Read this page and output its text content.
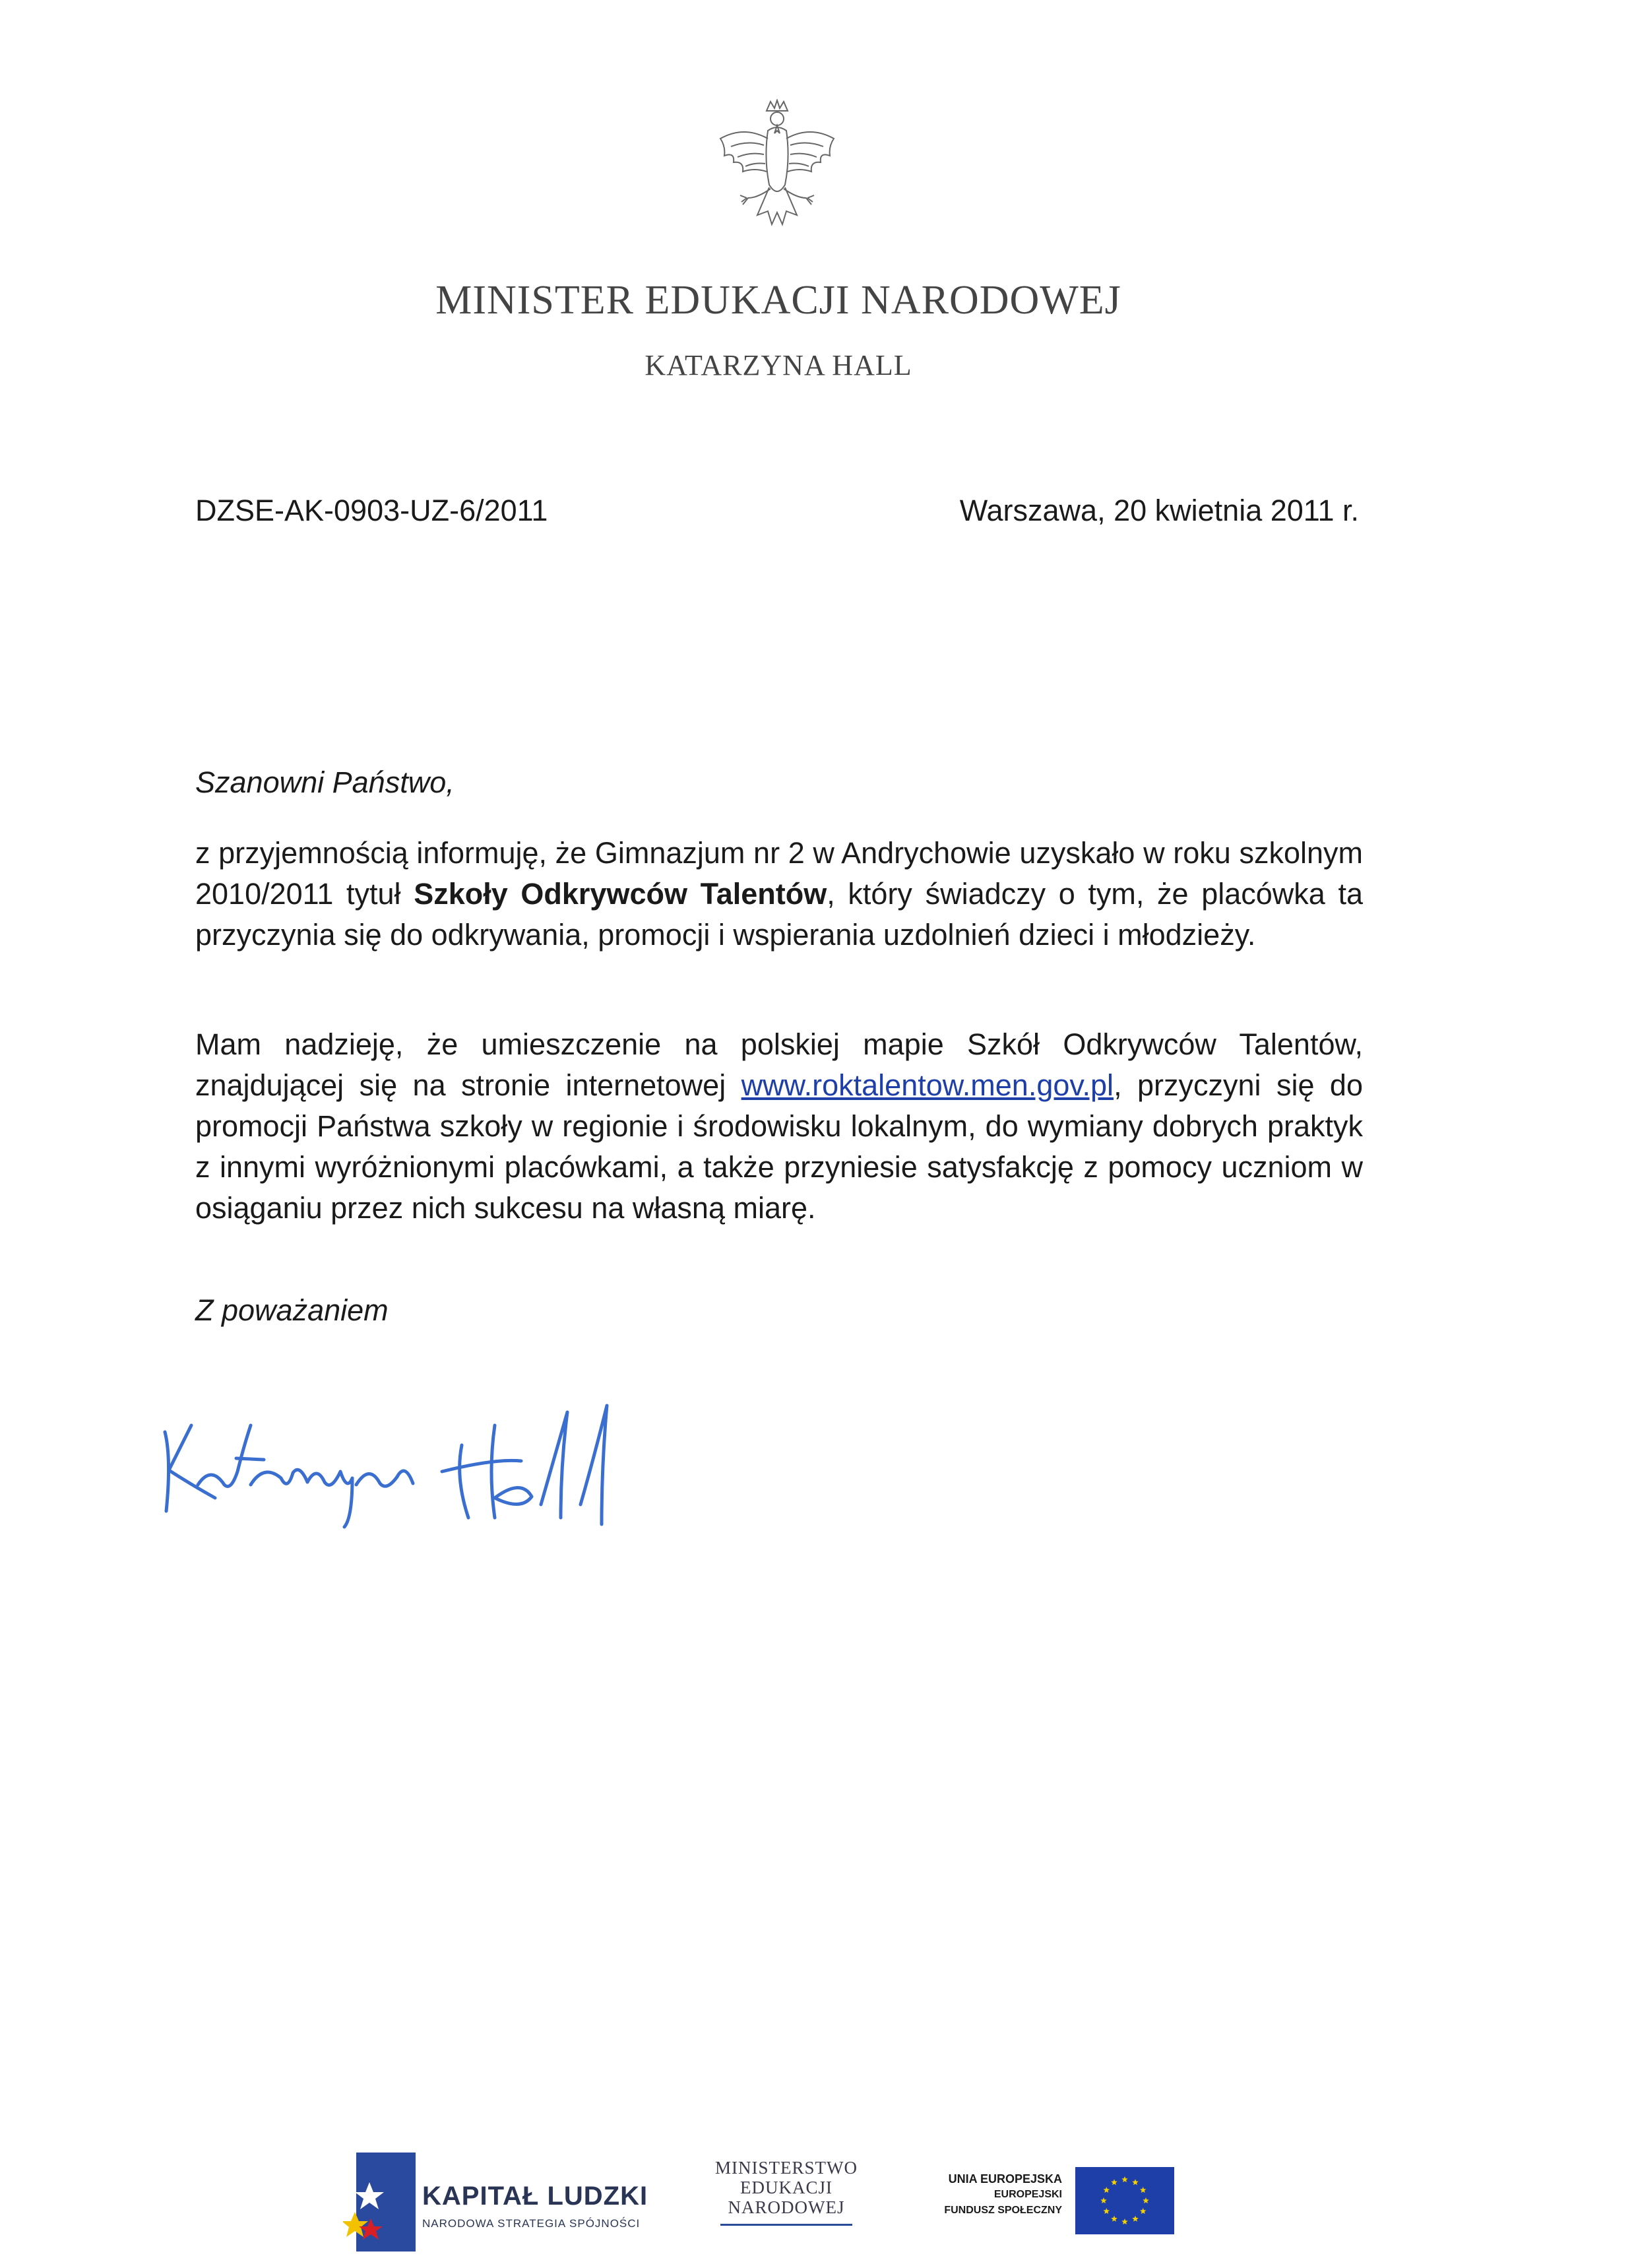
MINISTER EDUKACJI NARODOWEJ
KATARZYNA HALL
DZSE-AK-0903-UZ-6/2011	Warszawa, 20 kwietnia 2011 r.
Szanowni Państwo,
z przyjemnością informuję, że Gimnazjum nr 2 w Andrychowie uzyskało w roku szkolnym 2010/2011 tytuł Szkoły Odkrywców Talentów, który świadczy o tym, że placówka ta przyczynia się do odkrywania, promocji i wspierania uzdolnień dzieci i młodzieży.
Mam nadzieję, że umieszczenie na polskiej mapie Szkół Odkrywców Talentów, znajdującej się na stronie internetowej www.roktalentow.men.gov.pl, przyczyni się do promocji Państwa szkoły w regionie i środowisku lokalnym, do wymiany dobrych praktyk z innymi wyróżnionymi placówkami, a także przyniesie satysfakcję z pomocy uczniom w osiąganiu przez nich sukcesu na własną miarę.
Z poważaniem
KAPITAŁ LUDZKI
NARODOWA STRATEGIA SPÓJNOŚCI
MINISTERSTWO
EDUKACJI
NARODOWEJ
UNIA EUROPEJSKA
EUROPEJSKI
FUNDUSZ SPOŁECZNY
